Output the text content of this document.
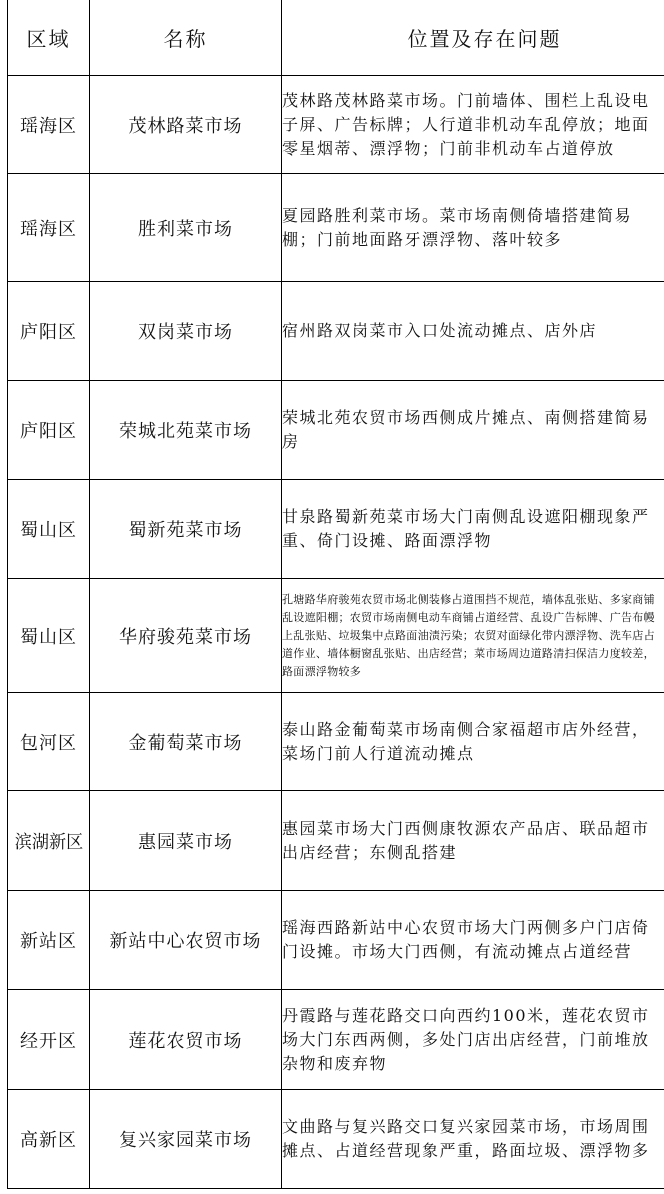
区域	名称	位置及存在问题
瑶海区	茂林路菜市场	茂林路茂林路菜市场。门前墙体、围栏上乱设电子屏、广告标牌；人行道非机动车乱停放；地面零星烟蒂、漂浮物；门前非机动车占道停放

瑶海区	胜利菜市场	夏园路胜利菜市场。菜市场南侧倚墙搭建简易棚；门前地面路牙漂浮物、落叶较多

庐阳区	双岗菜市场	宿州路双岗菜市入口处流动摊点、店外店

庐阳区	荣城北苑菜市场	荣城北苑农贸市场西侧成片摊点、南侧搭建简易房

蜀山区	蜀新苑菜市场	甘泉路蜀新苑菜市场大门南侧乱设遮阳棚现象严重、倚门设摊、路面漂浮物

蜀山区	华府骏苑菜市场	孔塘路华府骏苑农贸市场北侧装修占道围挡不规范，墙体乱张贴、多家商铺乱设遮阳棚；农贸市场南侧电动车商铺占道经营、乱设广告标牌、广告布幔上乱张贴、垃圾集中点路面油渍污染；农贸对面绿化带内漂浮物、洗车店占道作业、墙体橱窗乱张贴、出店经营；菜市场周边道路清扫保洁力度较差，路面漂浮物较多

包河区	金葡萄菜市场	泰山路金葡萄菜市场南侧合家福超市店外经营，菜场门前人行道流动摊点

滨湖新区	惠园菜市场	惠园菜市场大门西侧康牧源农产品店、联品超市出店经营；东侧乱搭建

新站区	新站中心农贸市场	瑶海西路新站中心农贸市场大门两侧多户门店倚门设摊。市场大门西侧，有流动摊点占道经营

经开区	莲花农贸市场	丹霞路与莲花路交口向西约100米，莲花农贸市场大门东西两侧，多处门店出店经营，门前堆放杂物和废弃物

高新区	复兴家园菜市场	文曲路与复兴路交口复兴家园菜市场，市场周围摊点、占道经营现象严重，路面垃圾、漂浮物多
